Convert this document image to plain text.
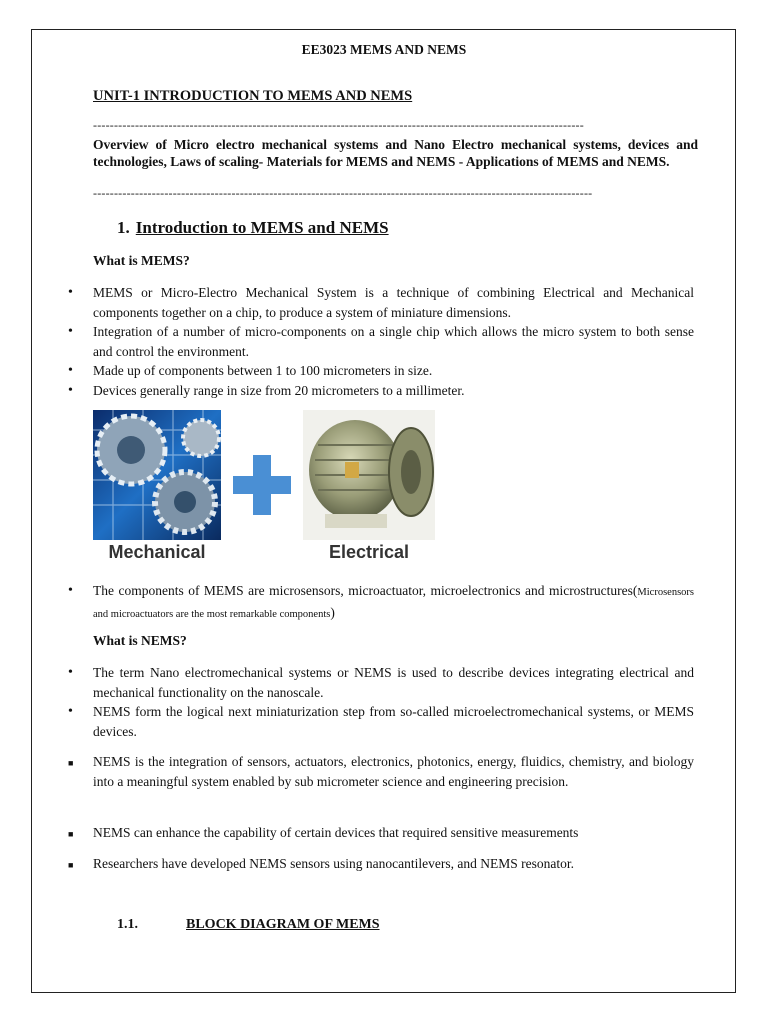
EE3023 MEMS AND NEMS
UNIT-1 INTRODUCTION TO MEMS AND NEMS
---------------------------------------------------------------------------------------------------------------------
Overview of Micro electro mechanical systems and Nano Electro mechanical systems, devices and technologies, Laws of scaling- Materials for MEMS and NEMS - Applications of MEMS and NEMS.
-----------------------------------------------------------------------------------------------------------------------
1. Introduction to MEMS and NEMS
What is MEMS?
• MEMS or Micro-Electro Mechanical System is a technique of combining Electrical and Mechanical components together on a chip, to produce a system of miniature dimensions.
• Integration of a number of micro-components on a single chip which allows the micro system to both sense and control the environment.
• Made up of components between 1 to 100 micrometers in size.
• Devices generally range in size from 20 micrometers to a millimeter.
Mechanical	Electrical
• The components of MEMS are microsensors, microactuator, microelectronics and microstructures(Microsensors and microactuators are the most remarkable components)
What is NEMS?
• The term Nano electromechanical systems or NEMS is used to describe devices integrating electrical and mechanical functionality on the nanoscale.
• NEMS form the logical next miniaturization step from so-called microelectromechanical systems, or MEMS devices.
■ NEMS is the integration of sensors, actuators, electronics, photonics, energy, fluidics, chemistry, and biology into a meaningful system enabled by sub micrometer science and engineering precision.
■ NEMS can enhance the capability of certain devices that required sensitive measurements
■ Researchers have developed NEMS sensors using nanocantilevers, and NEMS resonator.
1.1.	BLOCK DIAGRAM OF MEMS
